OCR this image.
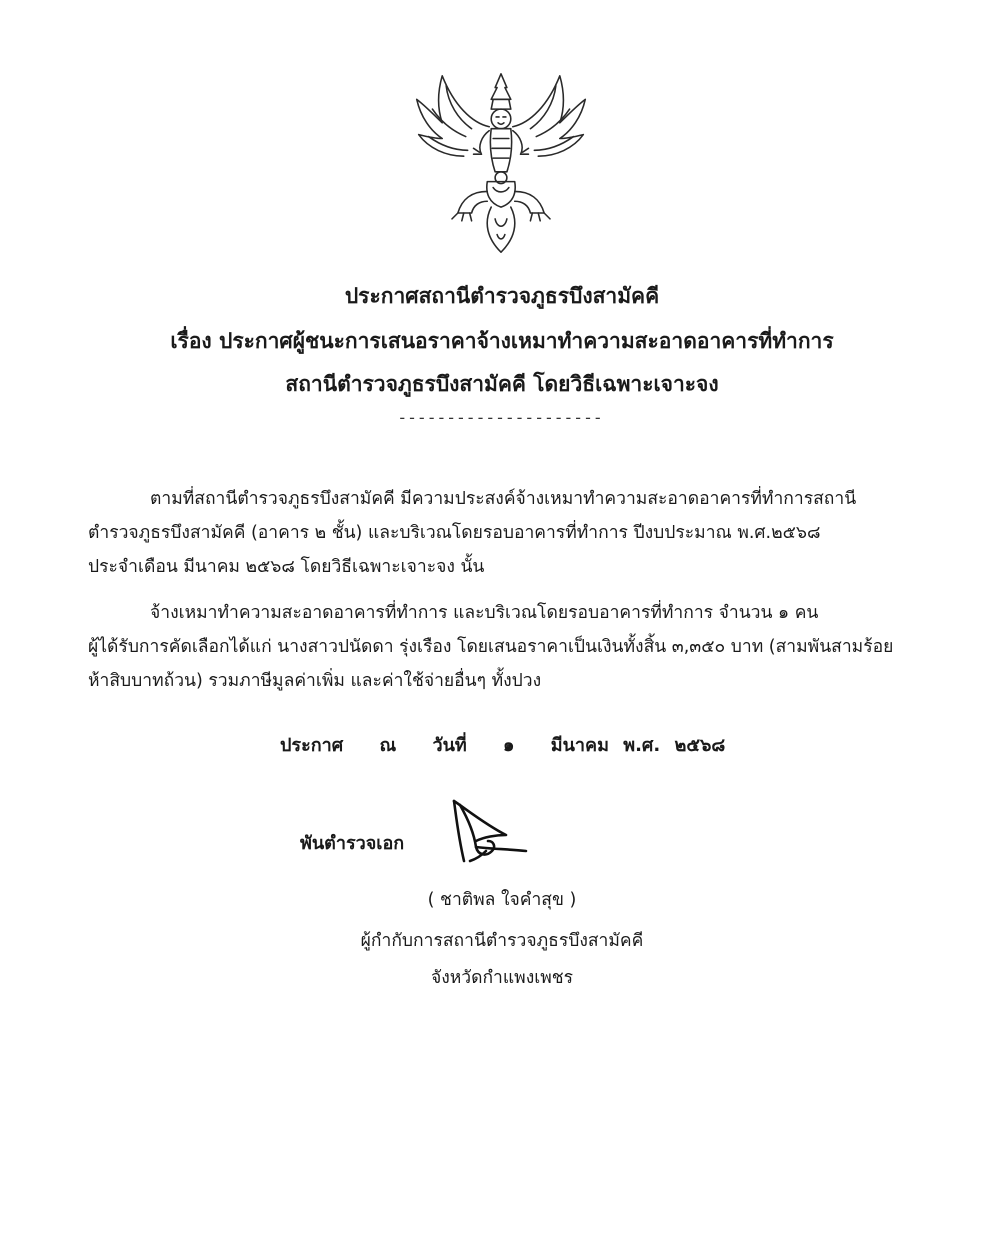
ประกาศสถานีตำรวจภูธรบึงสามัคคี
เรื่อง ประกาศผู้ชนะการเสนอราคาจ้างเหมาทำความสะอาดอาคารที่ทำการ
สถานีตำรวจภูธรบึงสามัคคี โดยวิธีเฉพาะเจาะจง
---------------------
ตามที่สถานีตำรวจภูธรบึงสามัคคี มีความประสงค์จ้างเหมาทำความสะอาดอาคารที่ทำการสถานี
ตำรวจภูธรบึงสามัคคี (อาคาร ๒ ชั้น) และบริเวณโดยรอบอาคารที่ทำการ ปีงบประมาณ พ.ศ.๒๕๖๘
ประจำเดือน มีนาคม ๒๕๖๘ โดยวิธีเฉพาะเจาะจง นั้น
จ้างเหมาทำความสะอาดอาคารที่ทำการ และบริเวณโดยรอบอาคารที่ทำการ จำนวน ๑ คน
ผู้ได้รับการคัดเลือกได้แก่ นางสาวปนัดดา รุ่งเรือง โดยเสนอราคาเป็นเงินทั้งสิ้น ๓,๓๕๐ บาท (สามพันสามร้อย
ห้าสิบบาทถ้วน) รวมภาษีมูลค่าเพิ่ม และค่าใช้จ่ายอื่นๆ ทั้งปวง
ประกาศ ณ วันที่ ๑ มีนาคม พ.ศ. ๒๕๖๘
พันตำรวจเอก
( ชาติพล ใจคำสุข )
ผู้กำกับการสถานีตำรวจภูธรบึงสามัคคี
จังหวัดกำแพงเพชร
